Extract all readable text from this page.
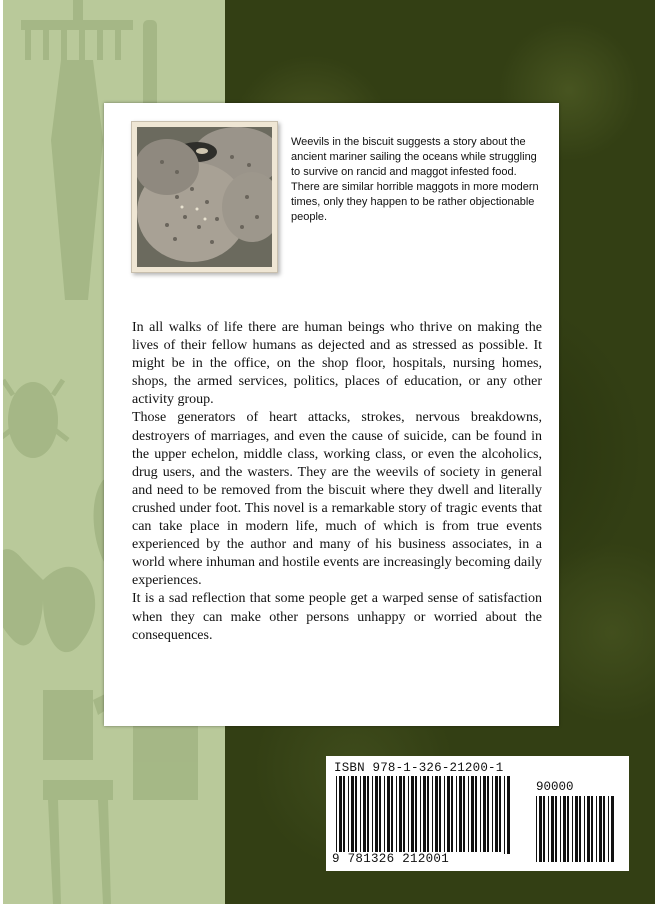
Weevils in the biscuit suggests a story about the ancient mariner sailing the oceans while struggling to survive on rancid and maggot infested food. There are similar horrible maggots in more modern times, only they happen to be rather objectionable people.

In all walks of life there are human beings who thrive on making the lives of their fellow humans as dejected and as stressed as possible. It might be in the office, on the shop floor, hospitals, nursing homes, shops, the armed services, politics, places of education, or any other activity group.

Those generators of heart attacks, strokes, nervous breakdowns, destroyers of marriages, and even the cause of suicide, can be found in the upper echelon, middle class, working class, or even the alcoholics, drug users, and the wasters. They are the weevils of society in general and need to be removed from the biscuit where they dwell and literally crushed under foot. This novel is a remarkable story of tragic events that can take place in modern life, much of which is from true events experienced by the author and many of his business associates, in a world where inhuman and hostile events are increasingly becoming daily experiences.

It is a sad reflection that some people get a warped sense of satisfaction when they can make other persons unhappy or worried about the consequences.

ISBN 978-1-326-21200-1
90000
9 781326 212001
